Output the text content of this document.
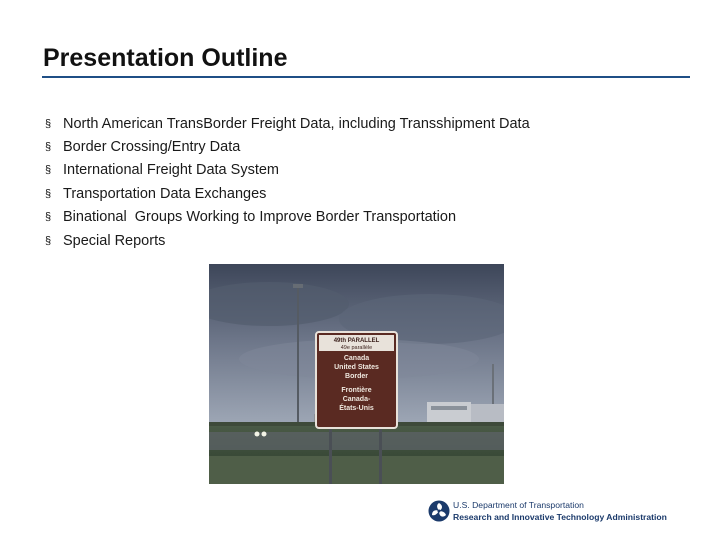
Presentation Outline
§ North American TransBorder Freight Data, including Transshipment Data
§ Border Crossing/Entry Data
§ International Freight Data System
§ Transportation Data Exchanges
§ Binational  Groups Working to Improve Border Transportation
§ Special Reports
49th PARALLEL
49e parallèle
Canada
United States
Border
Frontière
Canada-
États-Unis
U.S. Department of Transportation
Research and Innovative Technology Administration
